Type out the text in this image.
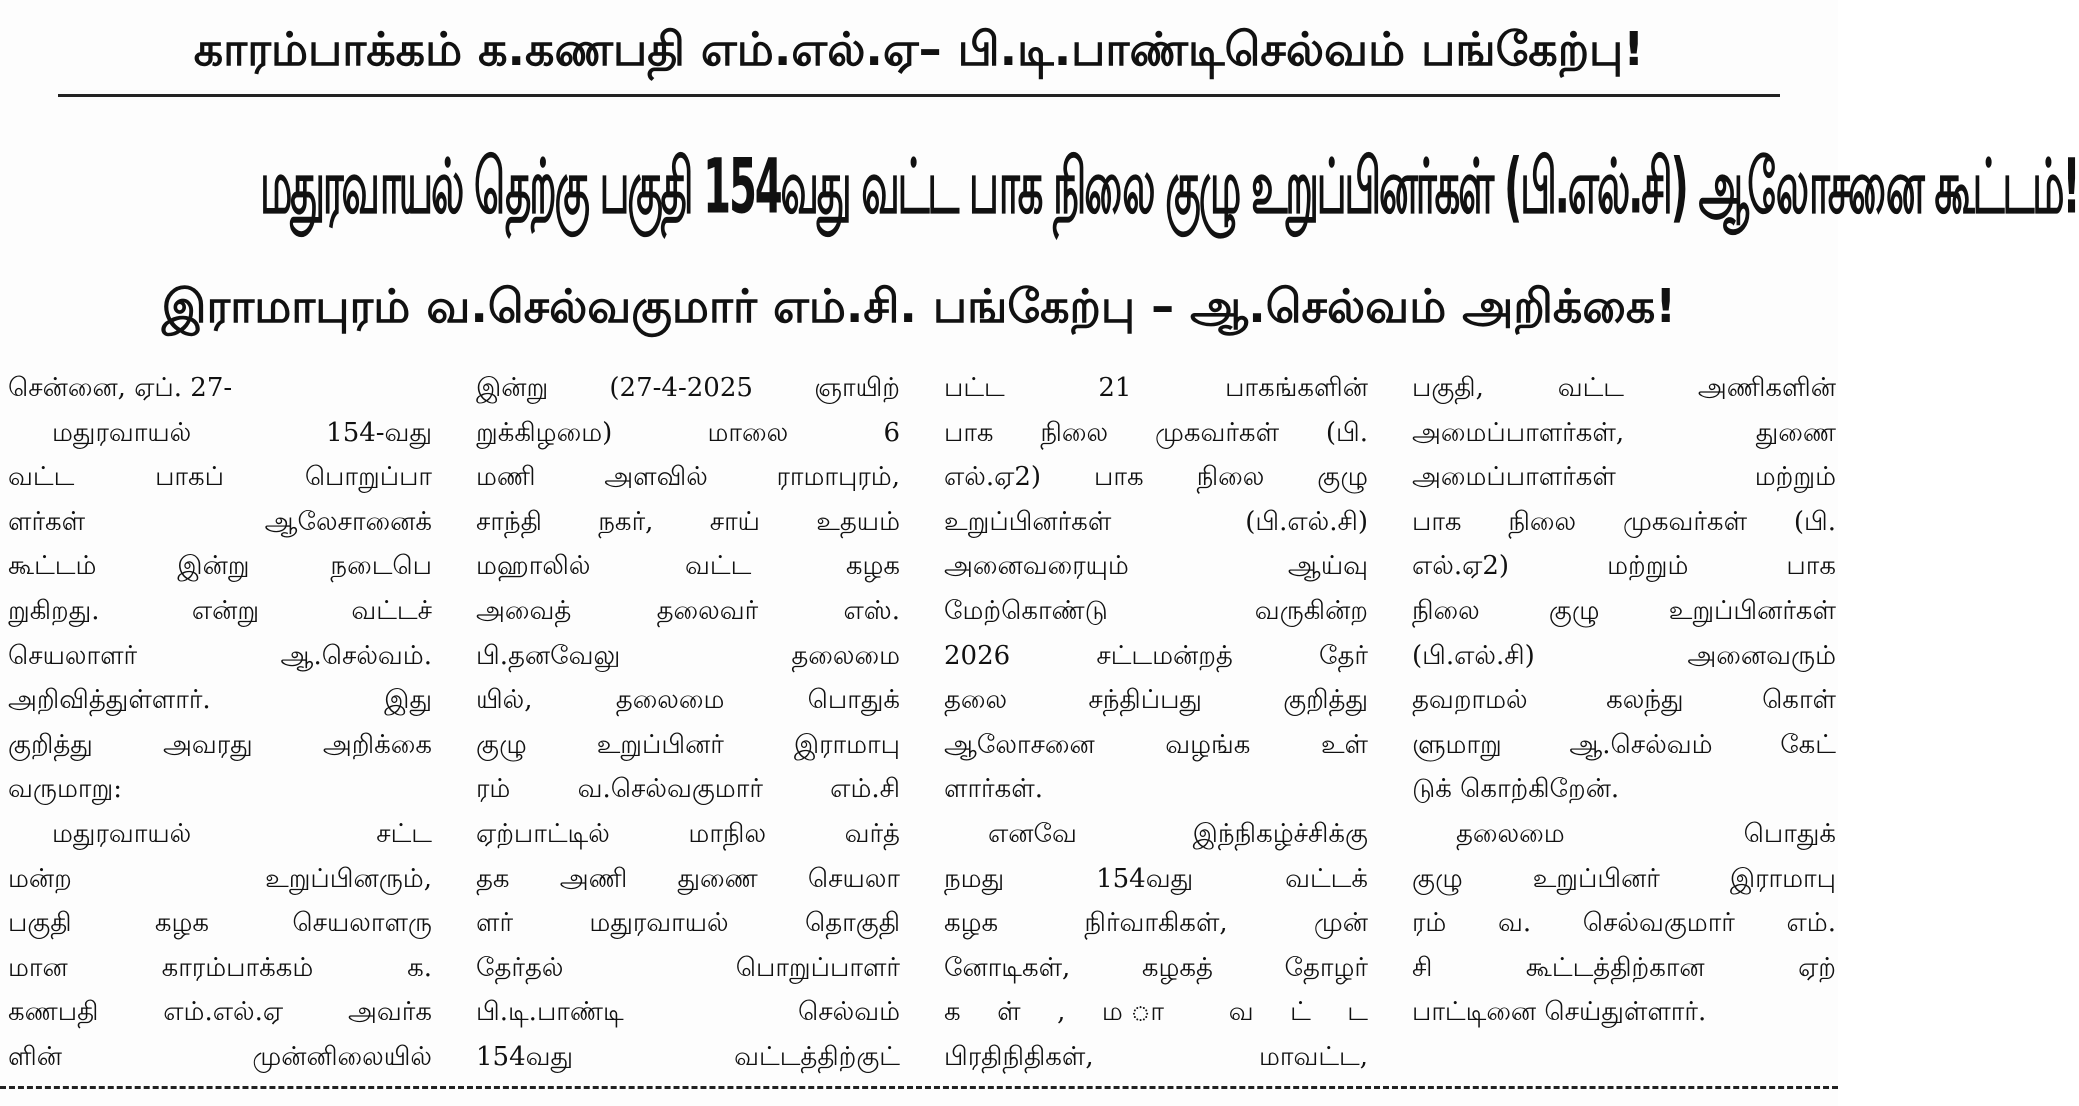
காரம்பாக்கம் க.கணபதி எம்.எல்.ஏ– பி.டி.பாண்டிசெல்வம் பங்கேற்பு!
மதுரவாயல் தெற்கு பகுதி 154வது வட்ட பாக நிலை குழு உறுப்பினர்கள் (பி.எல்.சி) ஆலோசனை கூட்டம்!
இராமாபுரம் வ.செல்வகுமார் எம்.சி. பங்கேற்பு – ஆ.செல்வம் அறிக்கை!
சென்னை, ஏப். 27-
மதுரவாயல் 154-வது
வட்ட பாகப் பொறுப்பா
ளர்கள் ஆலேசானைக்
கூட்டம் இன்று நடைபெ
றுகிறது. என்று வட்டச்
செயலாளர் ஆ.செல்வம்.
அறிவித்துள்ளார். இது
குறித்து அவரது அறிக்கை
வருமாறு:
மதுரவாயல் சட்ட
மன்ற உறுப்பினரும்,
பகுதி கழக செயலாளரு
மான காரம்பாக்கம் க.
கணபதி எம்.எல்.ஏ அவர்க
ளின் முன்னிலையில்
இன்று (27-4-2025 ஞாயிற்
றுக்கிழமை) மாலை 6
மணி அளவில் ராமாபுரம்,
சாந்தி நகர், சாய் உதயம்
மஹாலில் வட்ட கழக
அவைத் தலைவர் எஸ்.
பி.தனவேலு தலைமை
யில், தலைமை பொதுக்
குழு உறுப்பினர் இராமாபு
ரம் வ.செல்வகுமார் எம்.சி
ஏற்பாட்டில் மாநில வர்த்
தக அணி துணை செயலா
ளர் மதுரவாயல் தொகுதி
தேர்தல் பொறுப்பாளர்
பி.டி.பாண்டி செல்வம்
154வது வட்டத்திற்குட்
பட்ட 21 பாகங்களின்
பாக நிலை முகவர்கள் (பி.
எல்.ஏ2) பாக நிலை குழு
உறுப்பினர்கள் (பி.எல்.சி)
அனைவரையும் ஆய்வு
மேற்கொண்டு வருகின்ற
2026 சட்டமன்றத் தேர்
தலை சந்திப்பது குறித்து
ஆலோசனை வழங்க உள்
ளார்கள்.
எனவே இந்நிகழ்ச்சிக்கு
நமது 154வது வட்டக்
கழக நிர்வாகிகள், முன்
னோடிகள், கழகத் தோழர்
க ள் , ம ா வ ட் ட
பிரதிநிதிகள், மாவட்ட,
பகுதி, வட்ட அணிகளின்
அமைப்பாளர்கள், துணை
அமைப்பாளர்கள் மற்றும்
பாக நிலை முகவர்கள் (பி.
எல்.ஏ2) மற்றும் பாக
நிலை குழு உறுப்பினர்கள்
(பி.எல்.சி) அனைவரும்
தவறாமல் கலந்து கொள்
ளுமாறு ஆ.செல்வம் கேட்
டுக் கொற்கிறேன்.
தலைமை பொதுக்
குழு உறுப்பினர் இராமாபு
ரம் வ. செல்வகுமார் எம்.
சி கூட்டத்திற்கான ஏற்
பாட்டினை செய்துள்ளார்.
